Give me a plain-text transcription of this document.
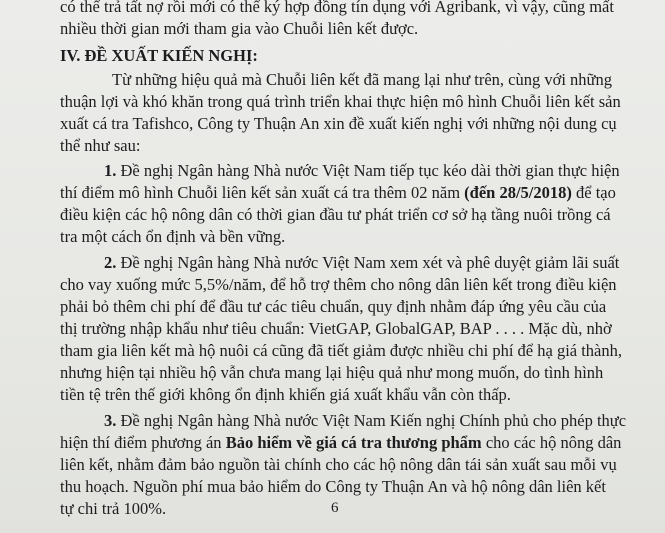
có thể trả tất nợ rồi mới có thể ký hợp đồng tín dụng với Agribank, vì vậy, cũng mất
nhiều thời gian mới tham gia vào Chuỗi liên kết được.
IV. ĐỀ XUẤT KIẾN NGHỊ:
Từ những hiệu quả mà Chuỗi liên kết đã mang lại như trên, cùng với những
thuận lợi và khó khăn trong quá trình triển khai thực hiện mô hình Chuỗi liên kết sản
xuất cá tra Tafishco, Công ty Thuận An xin đề xuất kiến nghị với những nội dung cụ
thể như sau:
1. Đề nghị Ngân hàng Nhà nước Việt Nam tiếp tục kéo dài thời gian thực hiện
thí điểm mô hình Chuỗi liên kết sản xuất cá tra thêm 02 năm (đến 28/5/2018) để tạo
điều kiện các hộ nông dân có thời gian đầu tư phát triển cơ sở hạ tầng nuôi trồng cá
tra một cách ổn định và bền vững.
2. Đề nghị Ngân hàng Nhà nước Việt Nam xem xét và phê duyệt giảm lãi suất
cho vay xuống mức 5,5%/năm, để hỗ trợ thêm cho nông dân liên kết trong điều kiện
phải bỏ thêm chi phí để đầu tư các tiêu chuẩn, quy định nhằm đáp ứng yêu cầu của
thị trường nhập khẩu như tiêu chuẩn: VietGAP, GlobalGAP, BAP . . . . Mặc dù, nhờ
tham gia liên kết mà hộ nuôi cá cũng đã tiết giảm được nhiều chi phí để hạ giá thành,
nhưng hiện tại nhiều hộ vẫn chưa mang lại hiệu quả như mong muốn, do tình hình
tiền tệ trên thế giới không ổn định khiến giá xuất khẩu vẫn còn thấp.
3. Đề nghị Ngân hàng Nhà nước Việt Nam Kiến nghị Chính phủ cho phép thực
hiện thí điểm phương án Bảo hiểm về giá cá tra thương phẩm cho các hộ nông dân
liên kết, nhằm đảm bảo nguồn tài chính cho các hộ nông dân tái sản xuất sau mỗi vụ
thu hoạch. Nguồn phí mua bảo hiểm do Công ty Thuận An và hộ nông dân liên kết
tự chi trả 100%.	6
